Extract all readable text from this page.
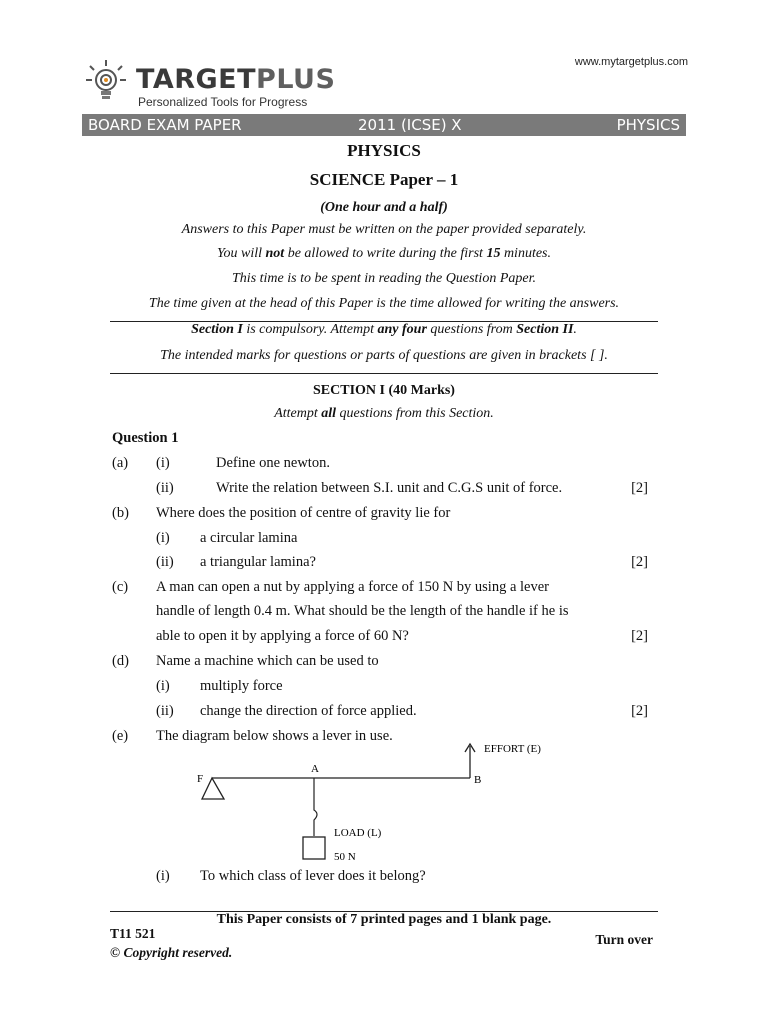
www.mytargetplus.com
TARGETPLUS
Personalized Tools for Progress
BOARD EXAM PAPER	2011 (ICSE) X	PHYSICS
PHYSICS
SCIENCE Paper – 1
(One hour and a half)
Answers to this Paper must be written on the paper provided separately.
You will not be allowed to write during the first 15 minutes.
This time is to be spent in reading the Question Paper.
The time given at the head of this Paper is the time allowed for writing the answers.
Section I is compulsory. Attempt any four questions from Section II.
The intended marks for questions or parts of questions are given in brackets [ ].
SECTION I (40 Marks)
Attempt all questions from this Section.
Question 1
(a) (i)	Define one newton.
(ii)	Write the relation between S.I. unit and C.G.S unit of force.	[2]
(b) Where does the position of centre of gravity lie for
(i) a circular lamina
(ii) a triangular lamina?	[2]
(c) A man can open a nut by applying a force of 150 N by using a lever
handle of length 0.4 m. What should be the length of the handle if he is
able to open it by applying a force of 60 N?	[2]
(d) Name a machine which can be used to
(i) multiply force
(ii) change the direction of force applied.	[2]
(e) The diagram below shows a lever in use.
EFFORT (E)
F
A
B
LOAD (L)
50 N
(i) To which class of lever does it belong?
This Paper consists of 7 printed pages and 1 blank page.
T11 521	Turn over
© Copyright reserved.
